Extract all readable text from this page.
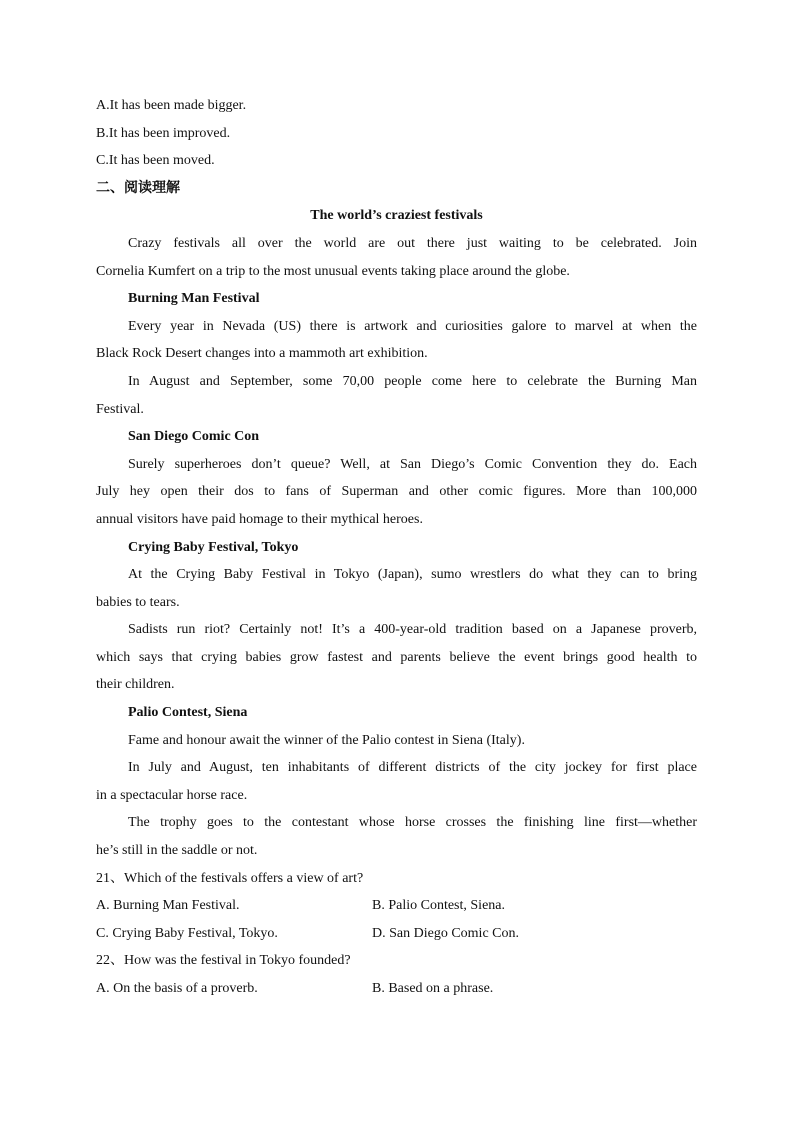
A.It has been made bigger.
B.It has been improved.
C.It has been moved.
二、阅读理解
The world’s craziest festivals
Crazy festivals all over the world are out there just waiting to be celebrated. Join
Cornelia Kumfert on a trip to the most unusual events taking place around the globe.
Burning Man Festival
Every year in Nevada (US) there is artwork and curiosities galore to marvel at when the
Black Rock Desert changes into a mammoth art exhibition.
In August and September, some 70,00 people come here to celebrate the Burning Man
Festival.
San Diego Comic Con
Surely superheroes don’t queue? Well, at San Diego’s Comic Convention they do. Each
July hey open their dos to fans of Superman and other comic figures. More than 100,000
annual visitors have paid homage to their mythical heroes.
Crying Baby Festival, Tokyo
At the Crying Baby Festival in Tokyo (Japan), sumo wrestlers do what they can to bring
babies to tears.
Sadists run riot? Certainly not! It’s a 400-year-old tradition based on a Japanese proverb,
which says that crying babies grow fastest and parents believe the event brings good health to
their children.
Palio Contest, Siena
Fame and honour await the winner of the Palio contest in Siena (Italy).
In July and August, ten inhabitants of different districts of the city jockey for first place
in a spectacular horse race.
The trophy goes to the contestant whose horse crosses the finishing line first—whether
he’s still in the saddle or not.
21、Which of the festivals offers a view of art?
A. Burning Man Festival.	B. Palio Contest, Siena.
C. Crying Baby Festival, Tokyo.	D. San Diego Comic Con.
22、How was the festival in Tokyo founded?
A. On the basis of a proverb.	B. Based on a phrase.
